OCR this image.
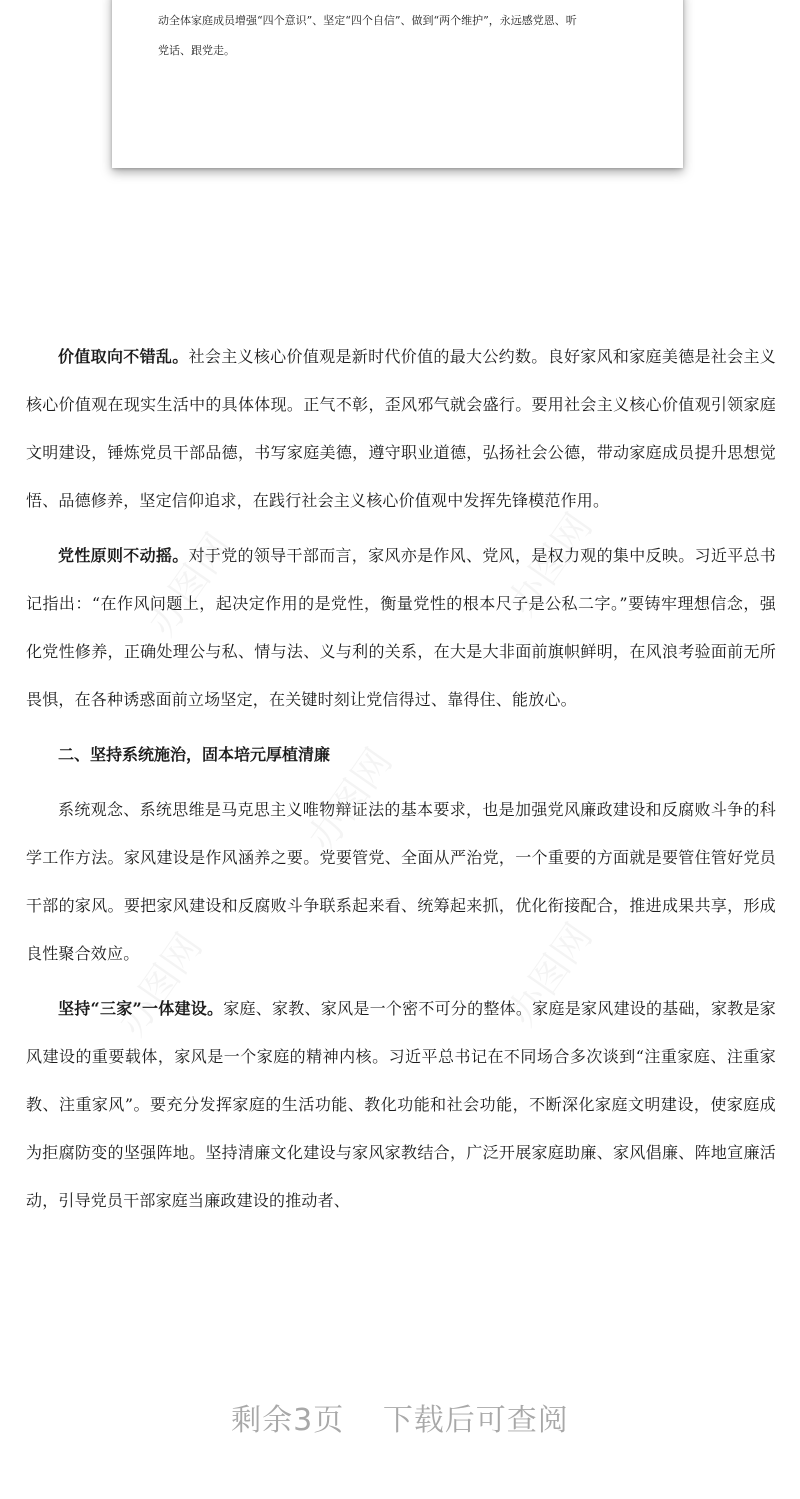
动全体家庭成员增强“四个意识”、坚定“四个自信”、做到“两个维护”，永远感党恩、听
党话、跟党走。

价值取向不错乱。社会主义核心价值观是新时代价值的最大公约数。良好家风和家庭美德是社会主义核心价值观在现实生活中的具体体现。正气不彰，歪风邪气就会盛行。要用社会主义核心价值观引领家庭文明建设，锤炼党员干部品德，书写家庭美德，遵守职业道德，弘扬社会公德，带动家庭成员提升思想觉悟、品德修养，坚定信仰追求，在践行社会主义核心价值观中发挥先锋模范作用。

党性原则不动摇。对于党的领导干部而言，家风亦是作风、党风，是权力观的集中反映。习近平总书记指出：“在作风问题上，起决定作用的是党性，衡量党性的根本尺子是公私二字。”要铸牢理想信念，强化党性修养，正确处理公与私、情与法、义与利的关系，在大是大非面前旗帜鲜明，在风浪考验面前无所畏惧，在各种诱惑面前立场坚定，在关键时刻让党信得过、靠得住、能放心。

二、坚持系统施治，固本培元厚植清廉

系统观念、系统思维是马克思主义唯物辩证法的基本要求，也是加强党风廉政建设和反腐败斗争的科学工作方法。家风建设是作风涵养之要。党要管党、全面从严治党，一个重要的方面就是要管住管好党员干部的家风。要把家风建设和反腐败斗争联系起来看、统筹起来抓，优化衔接配合，推进成果共享，形成良性聚合效应。

坚持“三家”一体建设。家庭、家教、家风是一个密不可分的整体。家庭是家风建设的基础，家教是家风建设的重要载体，家风是一个家庭的精神内核。习近平总书记在不同场合多次谈到“注重家庭、注重家教、注重家风”。要充分发挥家庭的生活功能、教化功能和社会功能，不断深化家庭文明建设，使家庭成为拒腐防变的坚强阵地。坚持清廉文化建设与家风家教结合，广泛开展家庭助廉、家风倡廉、阵地宣廉活动，引导党员干部家庭当廉政建设的推动者、

剩余3页 下载后可查阅
